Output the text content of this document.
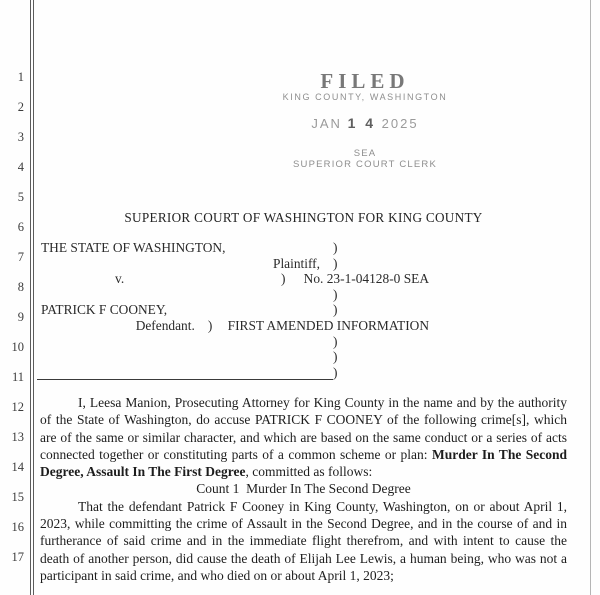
1
2
3
4
5
6
7
8
9
10
11
12
13
14
15
16
17
FILED
KING COUNTY, WASHINGTON
JAN 1 4 2025
SEA
SUPERIOR COURT CLERK
SUPERIOR COURT OF WASHINGTON FOR KING COUNTY
THE STATE OF WASHINGTON,	)
Plaintiff, )
v.	)	No. 23-1-04128-0 SEA
)
PATRICK F COONEY,	)
Defendant. )	FIRST AMENDED INFORMATION
)
)
)

I, Leesa Manion, Prosecuting Attorney for King County in the name and by the authority of the State of Washington, do accuse PATRICK F COONEY of the following crime[s], which are of the same or similar character, and which are based on the same conduct or a series of acts connected together or constituting parts of a common scheme or plan: Murder In The Second Degree, Assault In The First Degree, committed as follows:

Count 1  Murder In The Second Degree

That the defendant Patrick F Cooney in King County, Washington, on or about April 1, 2023, while committing the crime of Assault in the Second Degree, and in the course of and in furtherance of said crime and in the immediate flight therefrom, and with intent to cause the death of another person, did cause the death of Elijah Lee Lewis, a human being, who was not a participant in said crime, and who died on or about April 1, 2023;
